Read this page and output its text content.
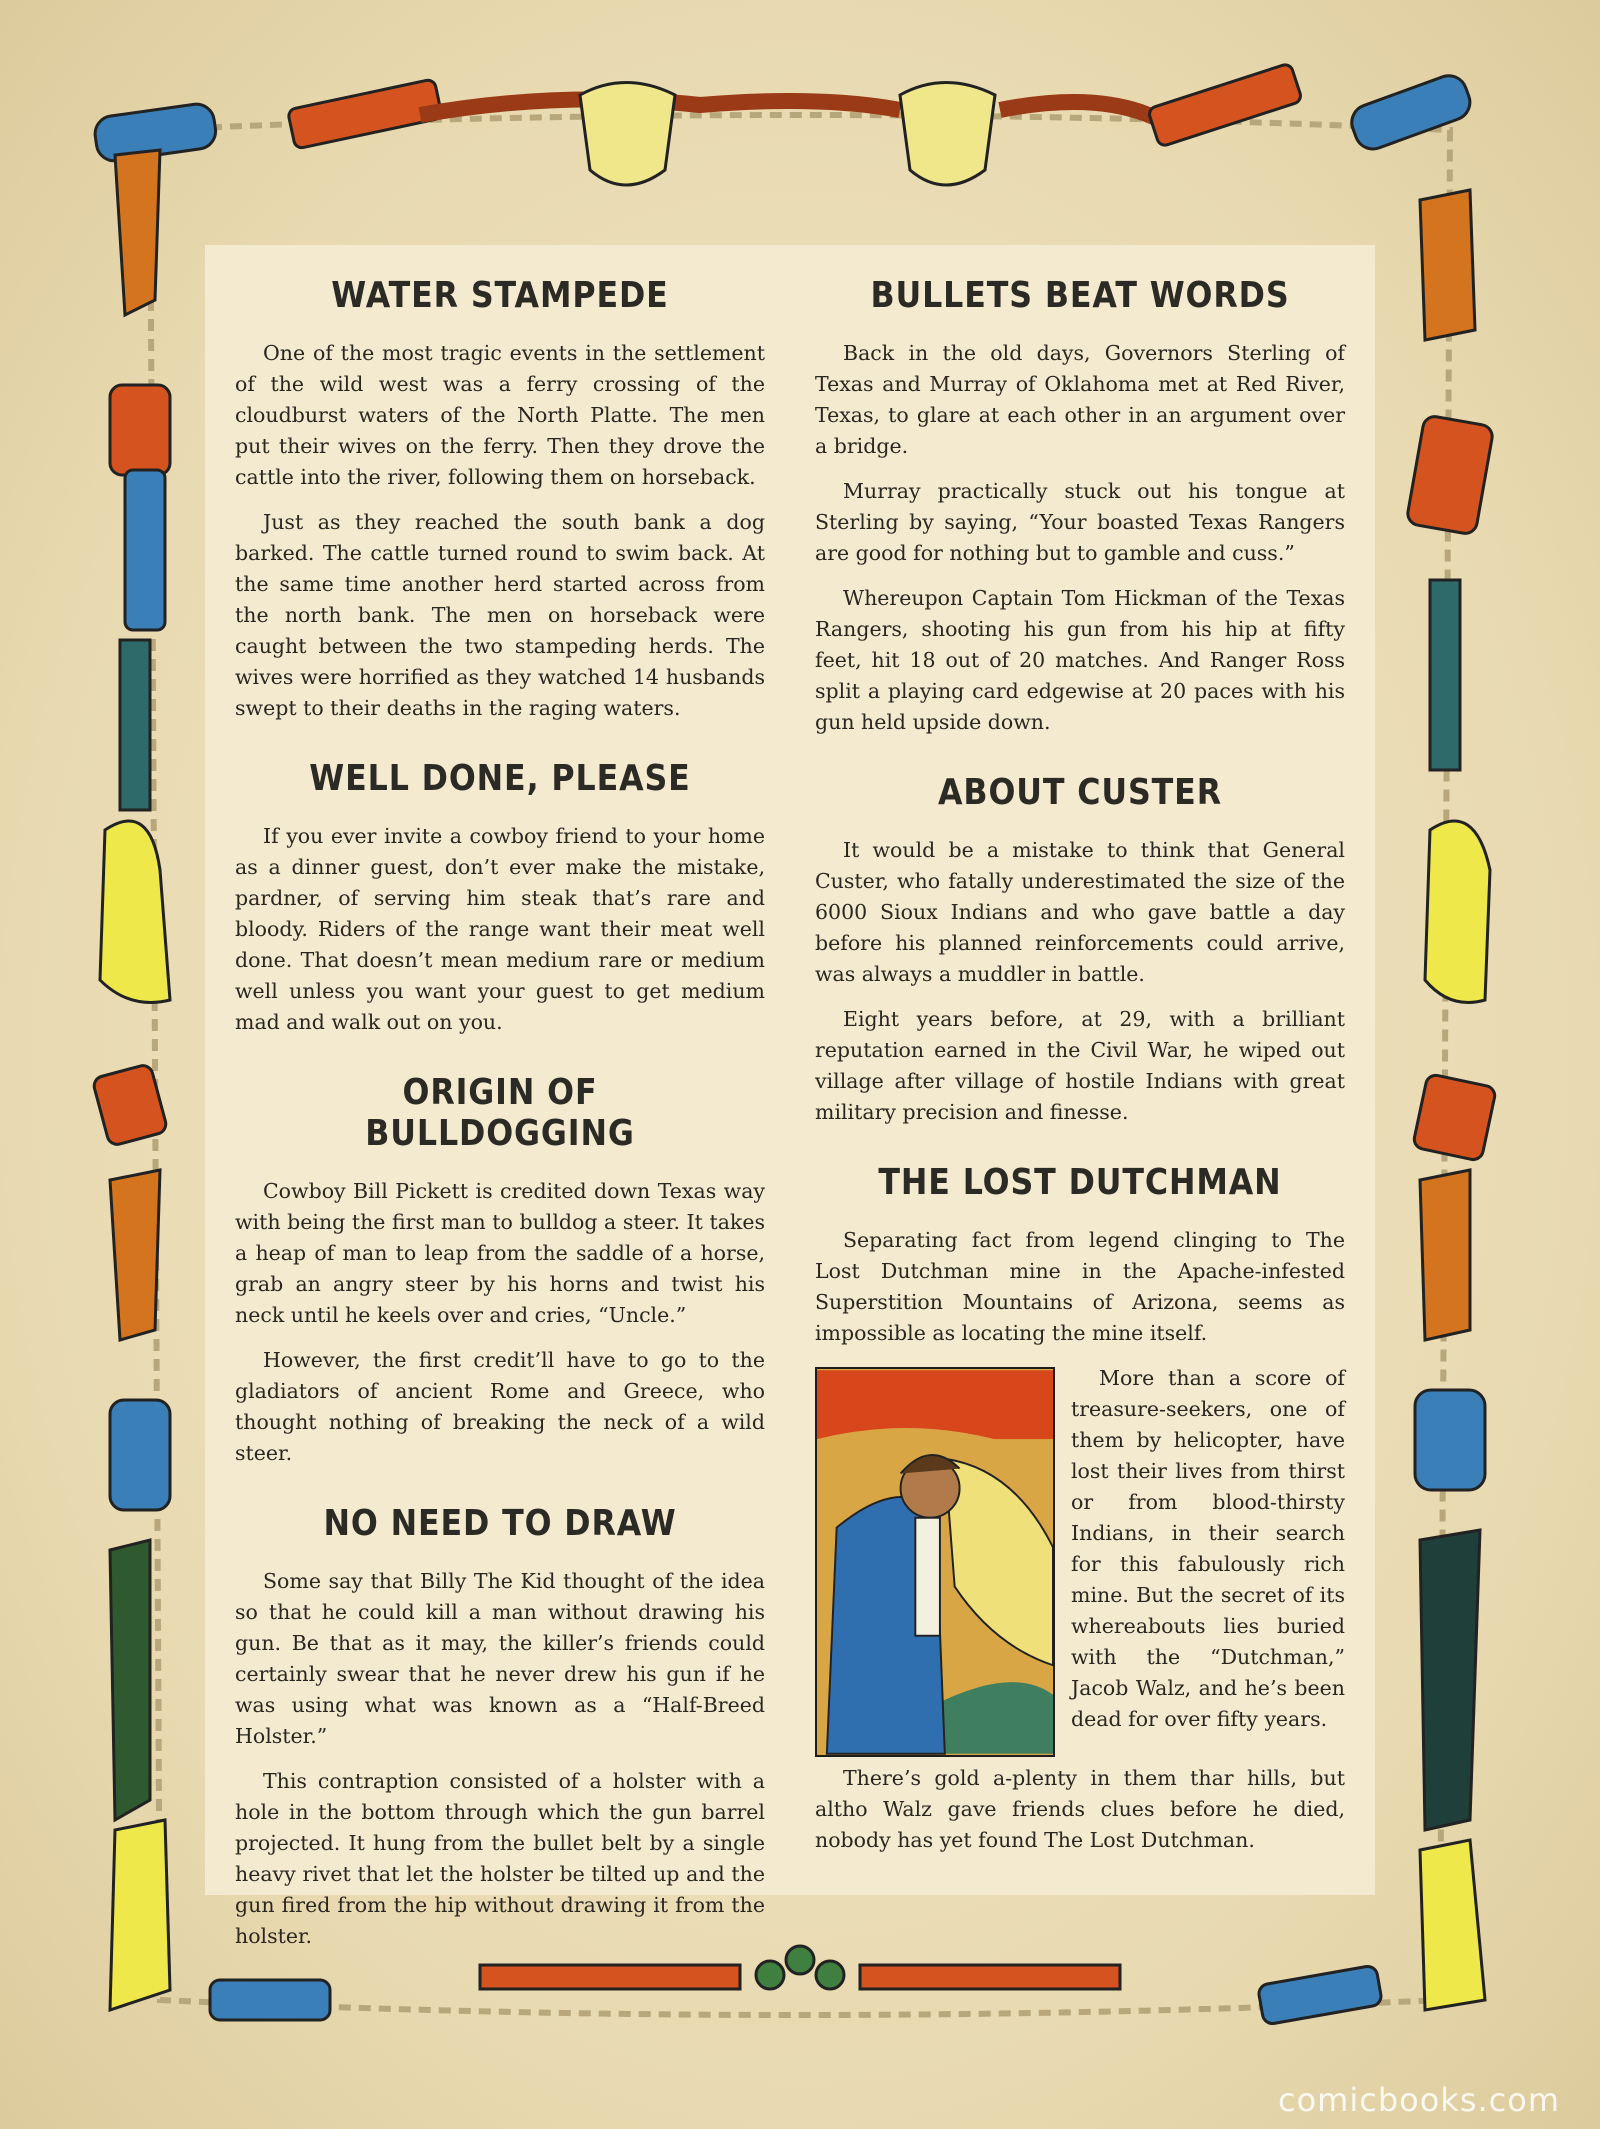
WATER STAMPEDE

One of the most tragic events in the settlement of the wild west was a ferry crossing of the cloudburst waters of the North Platte. The men put their wives on the ferry. Then they drove the cattle into the river, following them on horseback.

Just as they reached the south bank a dog barked. The cattle turned round to swim back. At the same time another herd started across from the north bank. The men on horseback were caught between the two stampeding herds. The wives were horrified as they watched 14 husbands swept to their deaths in the raging waters.

WELL DONE, PLEASE

If you ever invite a cowboy friend to your home as a dinner guest, don’t ever make the mistake, pardner, of serving him steak that’s rare and bloody. Riders of the range want their meat well done. That doesn’t mean medium rare or medium well unless you want your guest to get medium mad and walk out on you.

ORIGIN OF BULLDOGGING

Cowboy Bill Pickett is credited down Texas way with being the first man to bulldog a steer. It takes a heap of man to leap from the saddle of a horse, grab an angry steer by his horns and twist his neck until he keels over and cries, “Uncle.”

However, the first credit’ll have to go to the gladiators of ancient Rome and Greece, who thought nothing of breaking the neck of a wild steer.

NO NEED TO DRAW

Some say that Billy The Kid thought of the idea so that he could kill a man without drawing his gun. Be that as it may, the killer’s friends could certainly swear that he never drew his gun if he was using what was known as a “Half-Breed Holster.”

This contraption consisted of a holster with a hole in the bottom through which the gun barrel projected. It hung from the bullet belt by a single heavy rivet that let the holster be tilted up and the gun fired from the hip without drawing it from the holster.

BULLETS BEAT WORDS

Back in the old days, Governors Sterling of Texas and Murray of Oklahoma met at Red River, Texas, to glare at each other in an argument over a bridge.

Murray practically stuck out his tongue at Sterling by saying, “Your boasted Texas Rangers are good for nothing but to gamble and cuss.”

Whereupon Captain Tom Hickman of the Texas Rangers, shooting his gun from his hip at fifty feet, hit 18 out of 20 matches. And Ranger Ross split a playing card edgewise at 20 paces with his gun held upside down.

ABOUT CUSTER

It would be a mistake to think that General Custer, who fatally underestimated the size of the 6000 Sioux Indians and who gave battle a day before his planned reinforcements could arrive, was always a muddler in battle.

Eight years before, at 29, with a brilliant reputation earned in the Civil War, he wiped out village after village of hostile Indians with great military precision and finesse.

THE LOST DUTCHMAN

Separating fact from legend clinging to The Lost Dutchman mine in the Apache-infested Superstition Mountains of Arizona, seems as impossible as locating the mine itself.

More than a score of treasure-seekers, one of them by helicopter, have lost their lives from thirst or from blood-thirsty Indians, in their search for this fabulously rich mine. But the secret of its whereabouts lies buried with the “Dutchman,” Jacob Walz, and he’s been dead for over fifty years.

There’s gold a-plenty in them thar hills, but altho Walz gave friends clues before he died, nobody has yet found The Lost Dutchman.

comicbooks.com
